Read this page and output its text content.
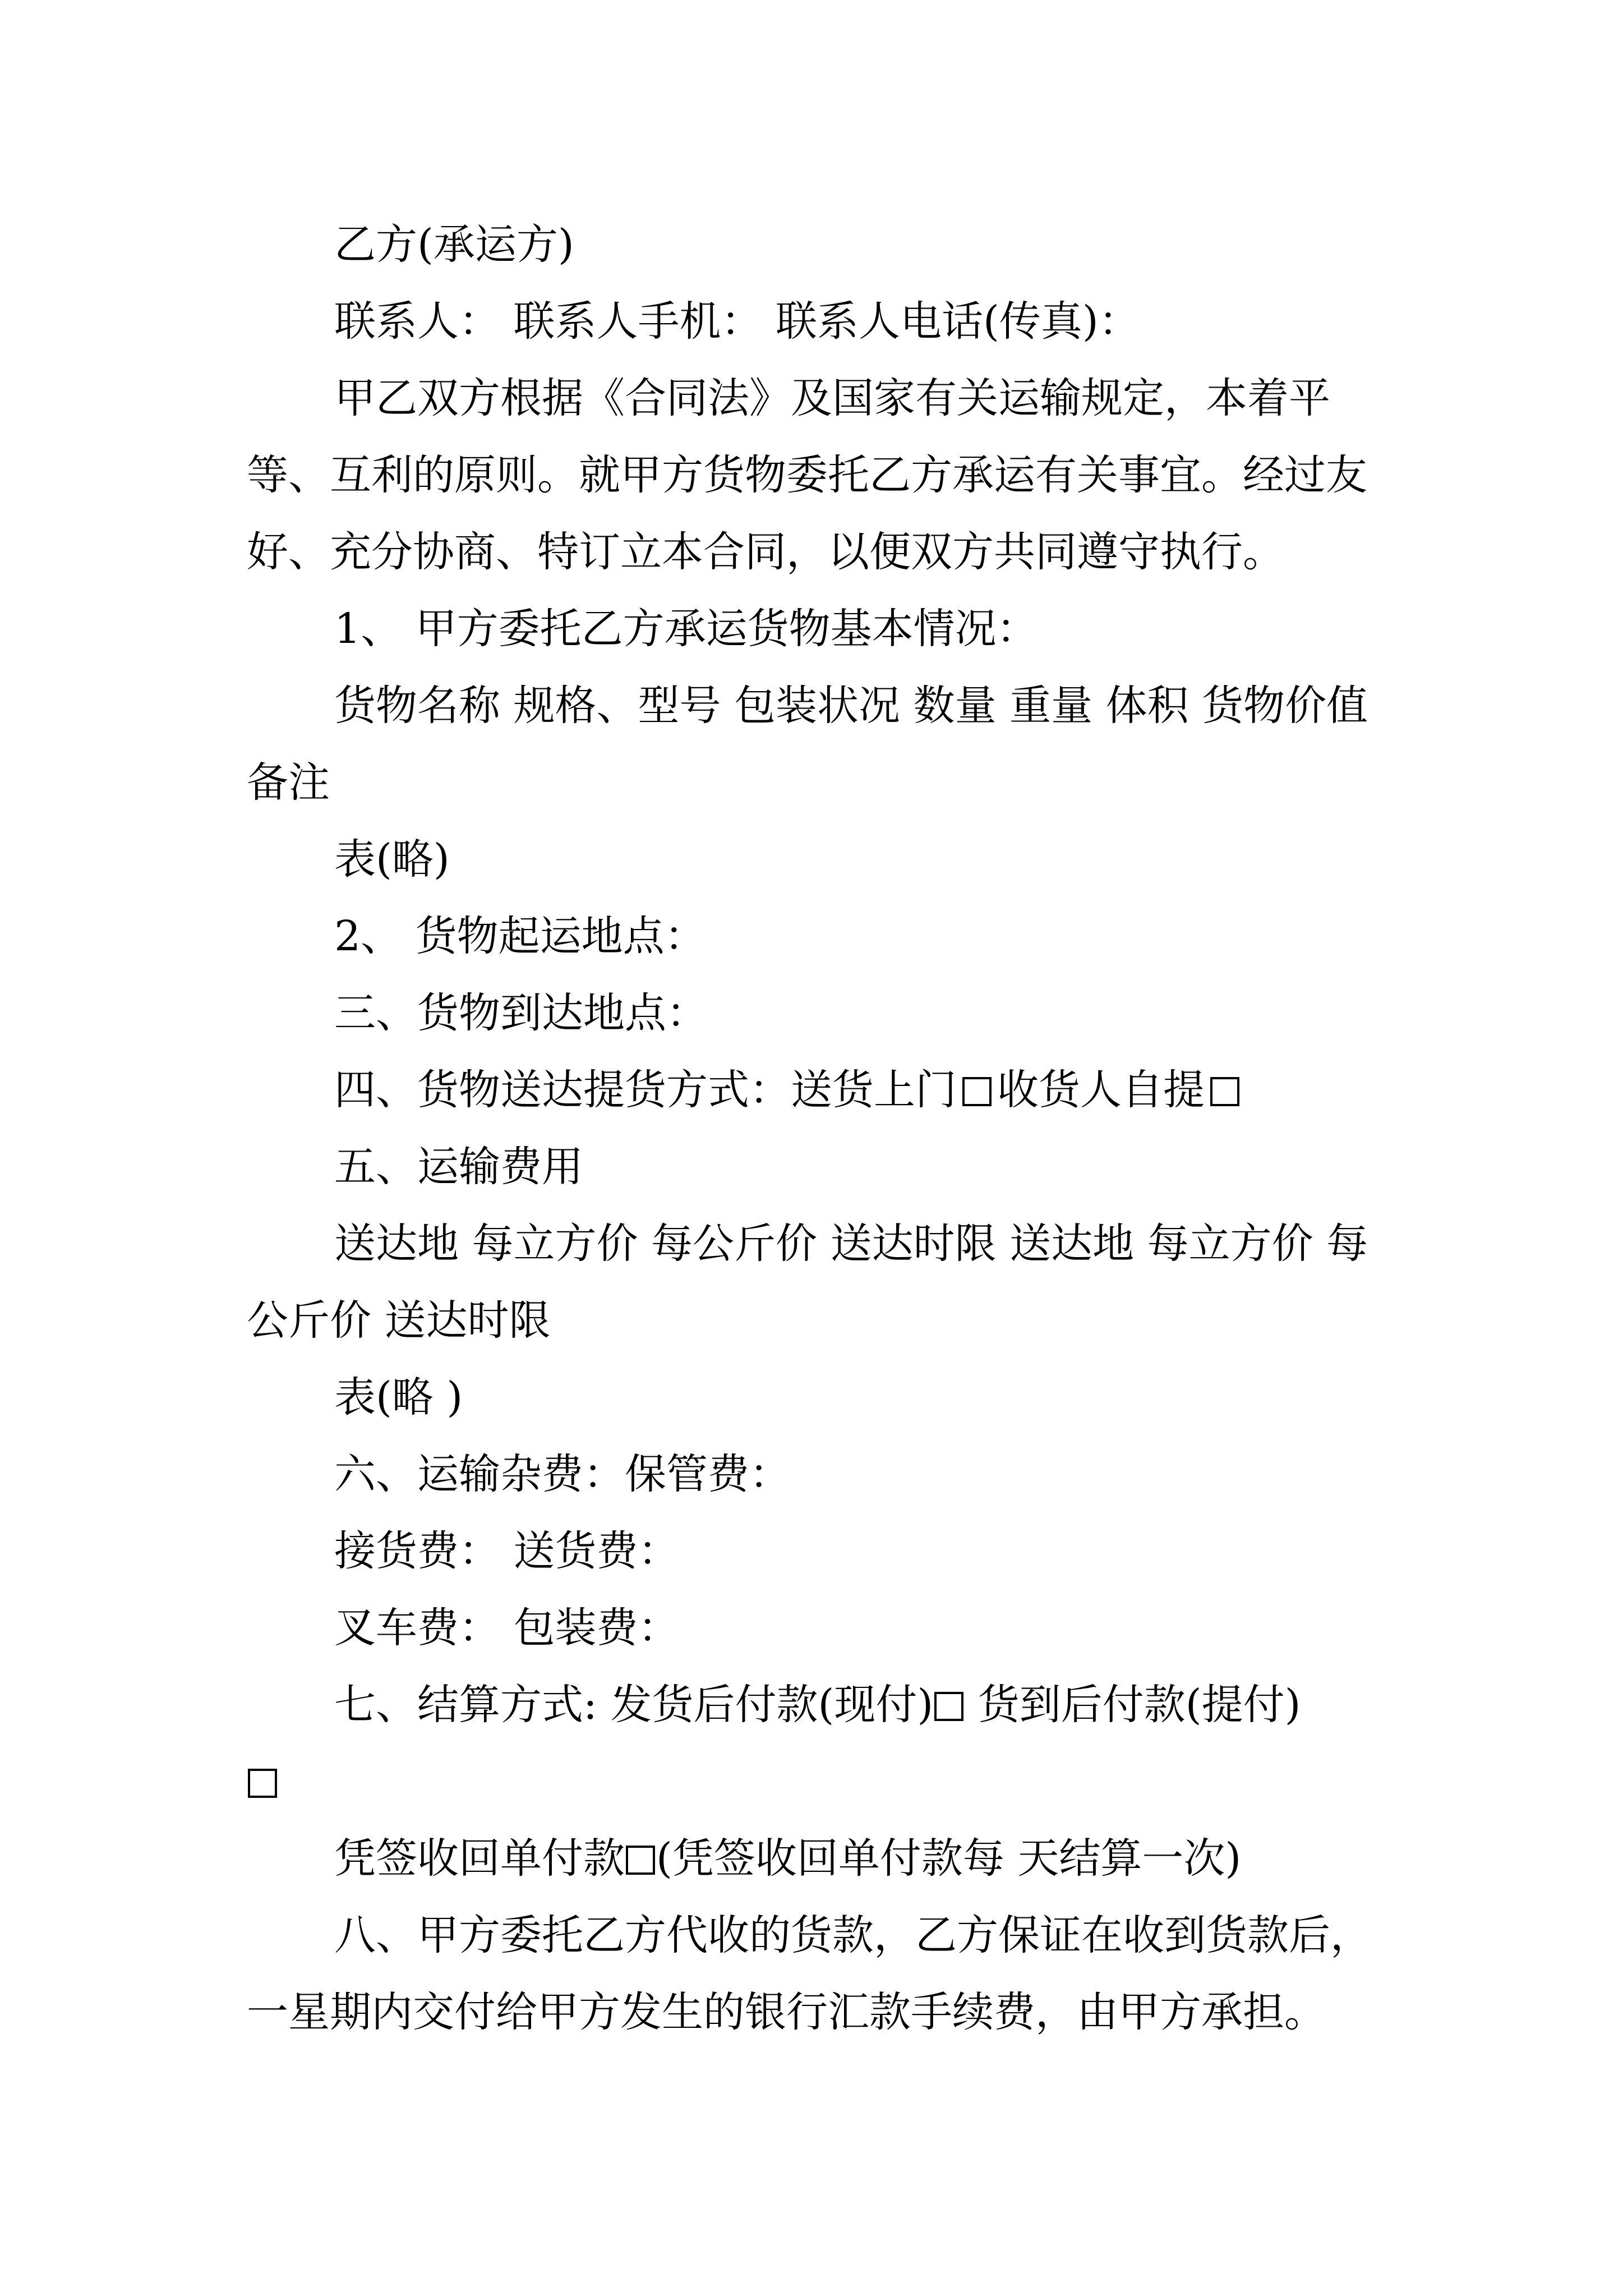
乙方(承运方)

联系人： 联系人手机： 联系人电话(传真)：

甲乙双方根据《合同法》及国家有关运输规定，本着平等、互利的原则。就甲方货物委托乙方承运有关事宜。经过友好、充分协商、特订立本合同，以便双方共同遵守执行。

1、 甲方委托乙方承运货物基本情况：

货物名称 规格、型号 包装状况 数量 重量 体积 货物价值 备注

表(略)

2、 货物起运地点：

三、货物到达地点：

四、货物送达提货方式：送货上门 收货人自提

五、运输费用

送达地 每立方价 每公斤价 送达时限 送达地 每立方价 每公斤价 送达时限

表(略 )

六、运输杂费：保管费：

接货费： 送货费：

叉车费： 包装费：

七、结算方式: 发货后付款(现付) 货到后付款(提付)

凭签收回单付款 (凭签收回单付款每 天结算一次)

八、甲方委托乙方代收的货款，乙方保证在收到货款后，一星期内交付给甲方发生的银行汇款手续费，由甲方承担。
